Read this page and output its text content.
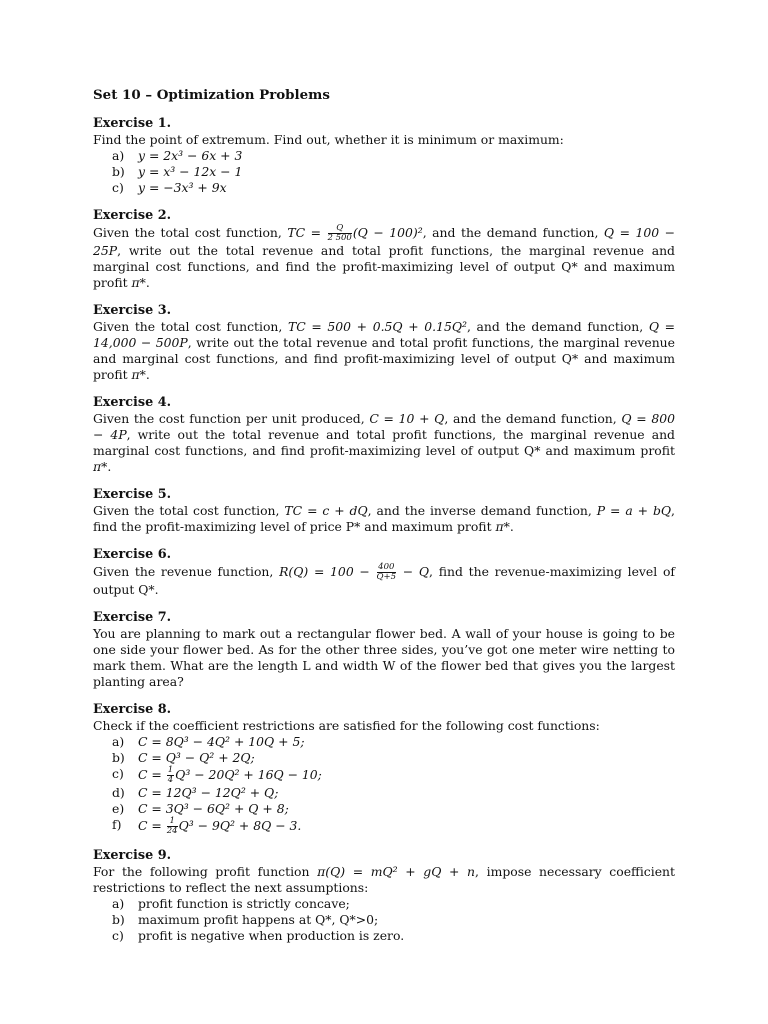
Set 10 – Optimization Problems
Exercise 1.
Find the point of extremum. Find out, whether it is minimum or maximum:
a) y = 2x³ − 6x + 3
b) y = x³ − 12x − 1
c) y = −3x³ + 9x
Exercise 2.
Given the total cost function, TC = $\frac{Q}{2 500} (Q - 100)^2$, and the demand function, Q = 100 − 25P, write out the total revenue and total profit functions, the marginal revenue and marginal cost functions, and find the profit-maximizing level of output Q* and maximum profit π*.
Exercise 3.
Given the total cost function, TC = 500 + 0.5Q + 0.15Q², and the demand function, Q = 14,000 − 500P, write out the total revenue and total profit functions, the marginal revenue and marginal cost functions, and find profit-maximizing level of output Q* and maximum profit π*.
Exercise 4.
Given the cost function per unit produced, C = 10 + Q, and the demand function, Q = 800 − 4P, write out the total revenue and total profit functions, the marginal revenue and marginal cost functions, and find profit-maximizing level of output Q* and maximum profit π*.
Exercise 5.
Given the total cost function, TC = c + dQ, and the inverse demand function, P = a + bQ, find the profit-maximizing level of price P* and maximum profit π*.
Exercise 6.
Given the revenue function, $R(Q) = 100 - \frac{400}{Q+5} - Q$, find the revenue-maximizing level of output Q*.
Exercise 7.
You are planning to mark out a rectangular flower bed. A wall of your house is going to be one side your flower bed. As for the other three sides, you’ve got one meter wire netting to mark them. What are the length L and width W of the flower bed that gives you the largest planting area?
Exercise 8.
Check if the coefficient restrictions are satisfied for the following cost functions:
a) C = 8Q³ − 4Q² + 10Q + 5;
b) C = Q³ − Q² + 2Q;
c) $C = \frac{1}{4} Q^3 - 20Q^2 + 16Q - 10$;
d) C = 12Q³ − 12Q² + Q;
e) C = 3Q³ − 6Q² + Q + 8;
f) $C = \frac{1}{24} Q^3 - 9Q^2 + 8Q - 3$.
Exercise 9.
For the following profit function π(Q) = mQ² + gQ + n, impose necessary coefficient restrictions to reflect the next assumptions:
a) profit function is strictly concave;
b) maximum profit happens at Q*, Q*>0;
c) profit is negative when production is zero.
